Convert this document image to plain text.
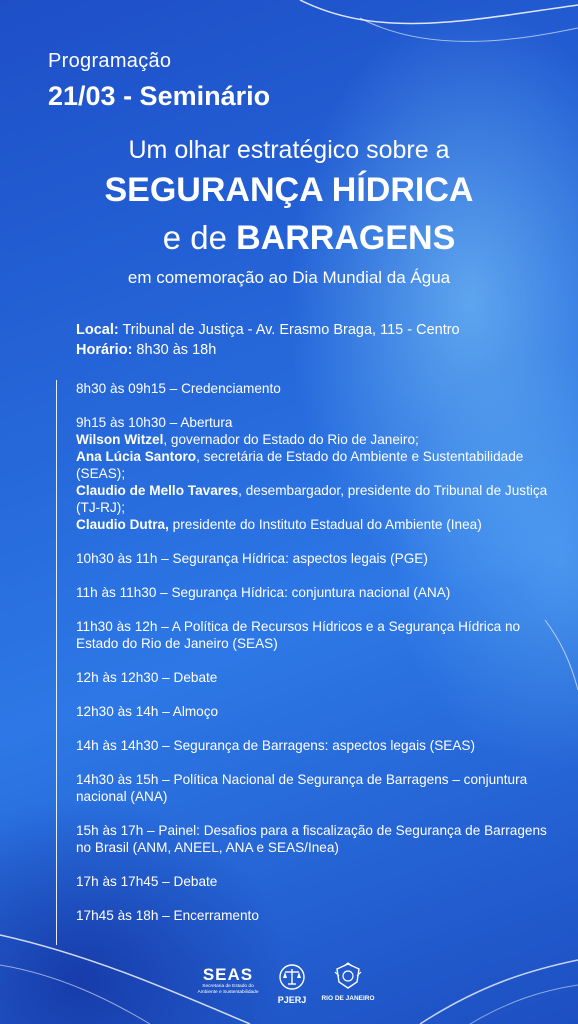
Programação
21/03 - Seminário
Um olhar estratégico sobre a
SEGURANÇA HÍDRICA
e de BARRAGENS
em comemoração ao Dia Mundial da Água
Local: Tribunal de Justiça - Av. Erasmo Braga, 115 - Centro
Horário: 8h30 às 18h
8h30 às 09h15 – Credenciamento
9h15 às 10h30 – Abertura
Wilson Witzel, governador do Estado do Rio de Janeiro;
Ana Lúcia Santoro, secretária de Estado do Ambiente e Sustentabilidade (SEAS);
Claudio de Mello Tavares, desembargador, presidente do Tribunal de Justiça (TJ-RJ);
Claudio Dutra, presidente do Instituto Estadual do Ambiente (Inea)
10h30 às 11h – Segurança Hídrica: aspectos legais (PGE)
11h às 11h30 – Segurança Hídrica: conjuntura nacional (ANA)
11h30 às 12h – A Política de Recursos Hídricos e a Segurança Hídrica no Estado do Rio de Janeiro (SEAS)
12h às 12h30 – Debate
12h30 às 14h – Almoço
14h às 14h30 – Segurança de Barragens: aspectos legais (SEAS)
14h30 às 15h – Política Nacional de Segurança de Barragens – conjuntura nacional (ANA)
15h às 17h – Painel: Desafios para a fiscalização de Segurança de Barragens no Brasil (ANM, ANEEL, ANA e SEAS/Inea)
17h às 17h45 – Debate
17h45 às 18h – Encerramento
SEAS
Secretaria de Estado do Ambiente e Sustentabilidade
PJERJ	RIO DE JANEIRO
